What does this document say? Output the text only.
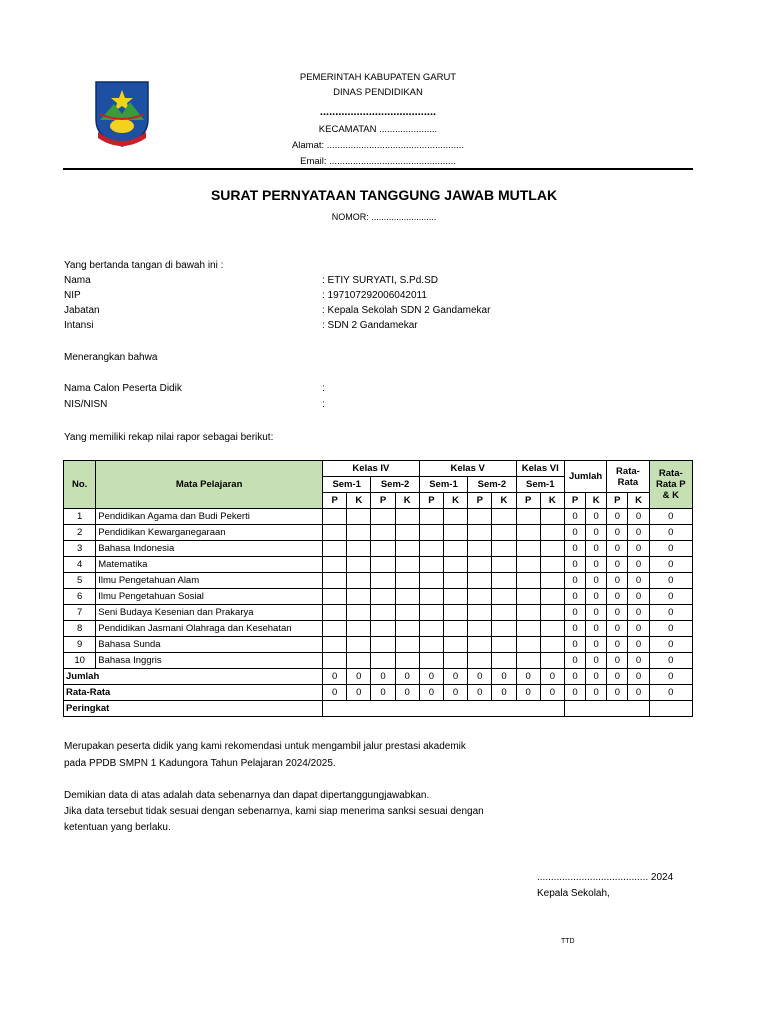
PEMERINTAH KABUPATEN GARUT
DINAS PENDIDIKAN
......................................
KECAMATAN ......................
Alamat: ....................................................
Email: ................................................
SURAT PERNYATAAN TANGGUNG JAWAB MUTLAK
NOMOR: ..........................
Yang bertanda tangan di bawah ini :
Nama	: ETIY SURYATI, S.Pd.SD
NIP	: 197107292006042011
Jabatan	: Kepala Sekolah SDN 2 Gandamekar
Intansi	: SDN 2 Gandamekar
Menerangkan bahwa
Nama Calon Peserta Didik	:
NIS/NISN	:
Yang memiliki rekap nilai rapor sebagai berikut:
No.	Mata Pelajaran	Kelas IV				Kelas V				Kelas VI		Jumlah		Rata-Rata		Rata-Rata P & K
		Sem-1		Sem-2		Sem-1		Sem-2		Sem-1						
		P	K	P	K	P	K	P	K	P	K	P	K	P	K	
1	Pendidikan Agama dan Budi Pekerti											0	0	0	0	0
2	Pendidikan Kewarganegaraan											0	0	0	0	0
3	Bahasa Indonesia											0	0	0	0	0
4	Matematika											0	0	0	0	0
5	Ilmu Pengetahuan Alam											0	0	0	0	0
6	Ilmu Pengetahuan Sosial											0	0	0	0	0
7	Seni Budaya Kesenian dan Prakarya											0	0	0	0	0
8	Pendidikan Jasmani Olahraga dan Kesehatan											0	0	0	0	0
9	Bahasa Sunda											0	0	0	0	0
10	Bahasa Inggris											0	0	0	0	0
Jumlah		0	0	0	0	0	0	0	0	0	0	0	0	0	0	0
Rata-Rata		0	0	0	0	0	0	0	0	0	0	0	0	0	0	0
Peringkat																
Merupakan peserta didik yang kami rekomendasi untuk mengambil jalur prestasi akademik
pada PPDB SMPN 1 Kadungora Tahun Pelajaran 2024/2025.
Demikian data di atas adalah data sebenarnya dan dapat dipertanggungjawabkan.
Jika data tersebut tidak sesuai dengan sebenarnya, kami siap menerima sanksi sesuai dengan
ketentuan yang berlaku.
........................................ 2024
Kepala Sekolah,
TTD
